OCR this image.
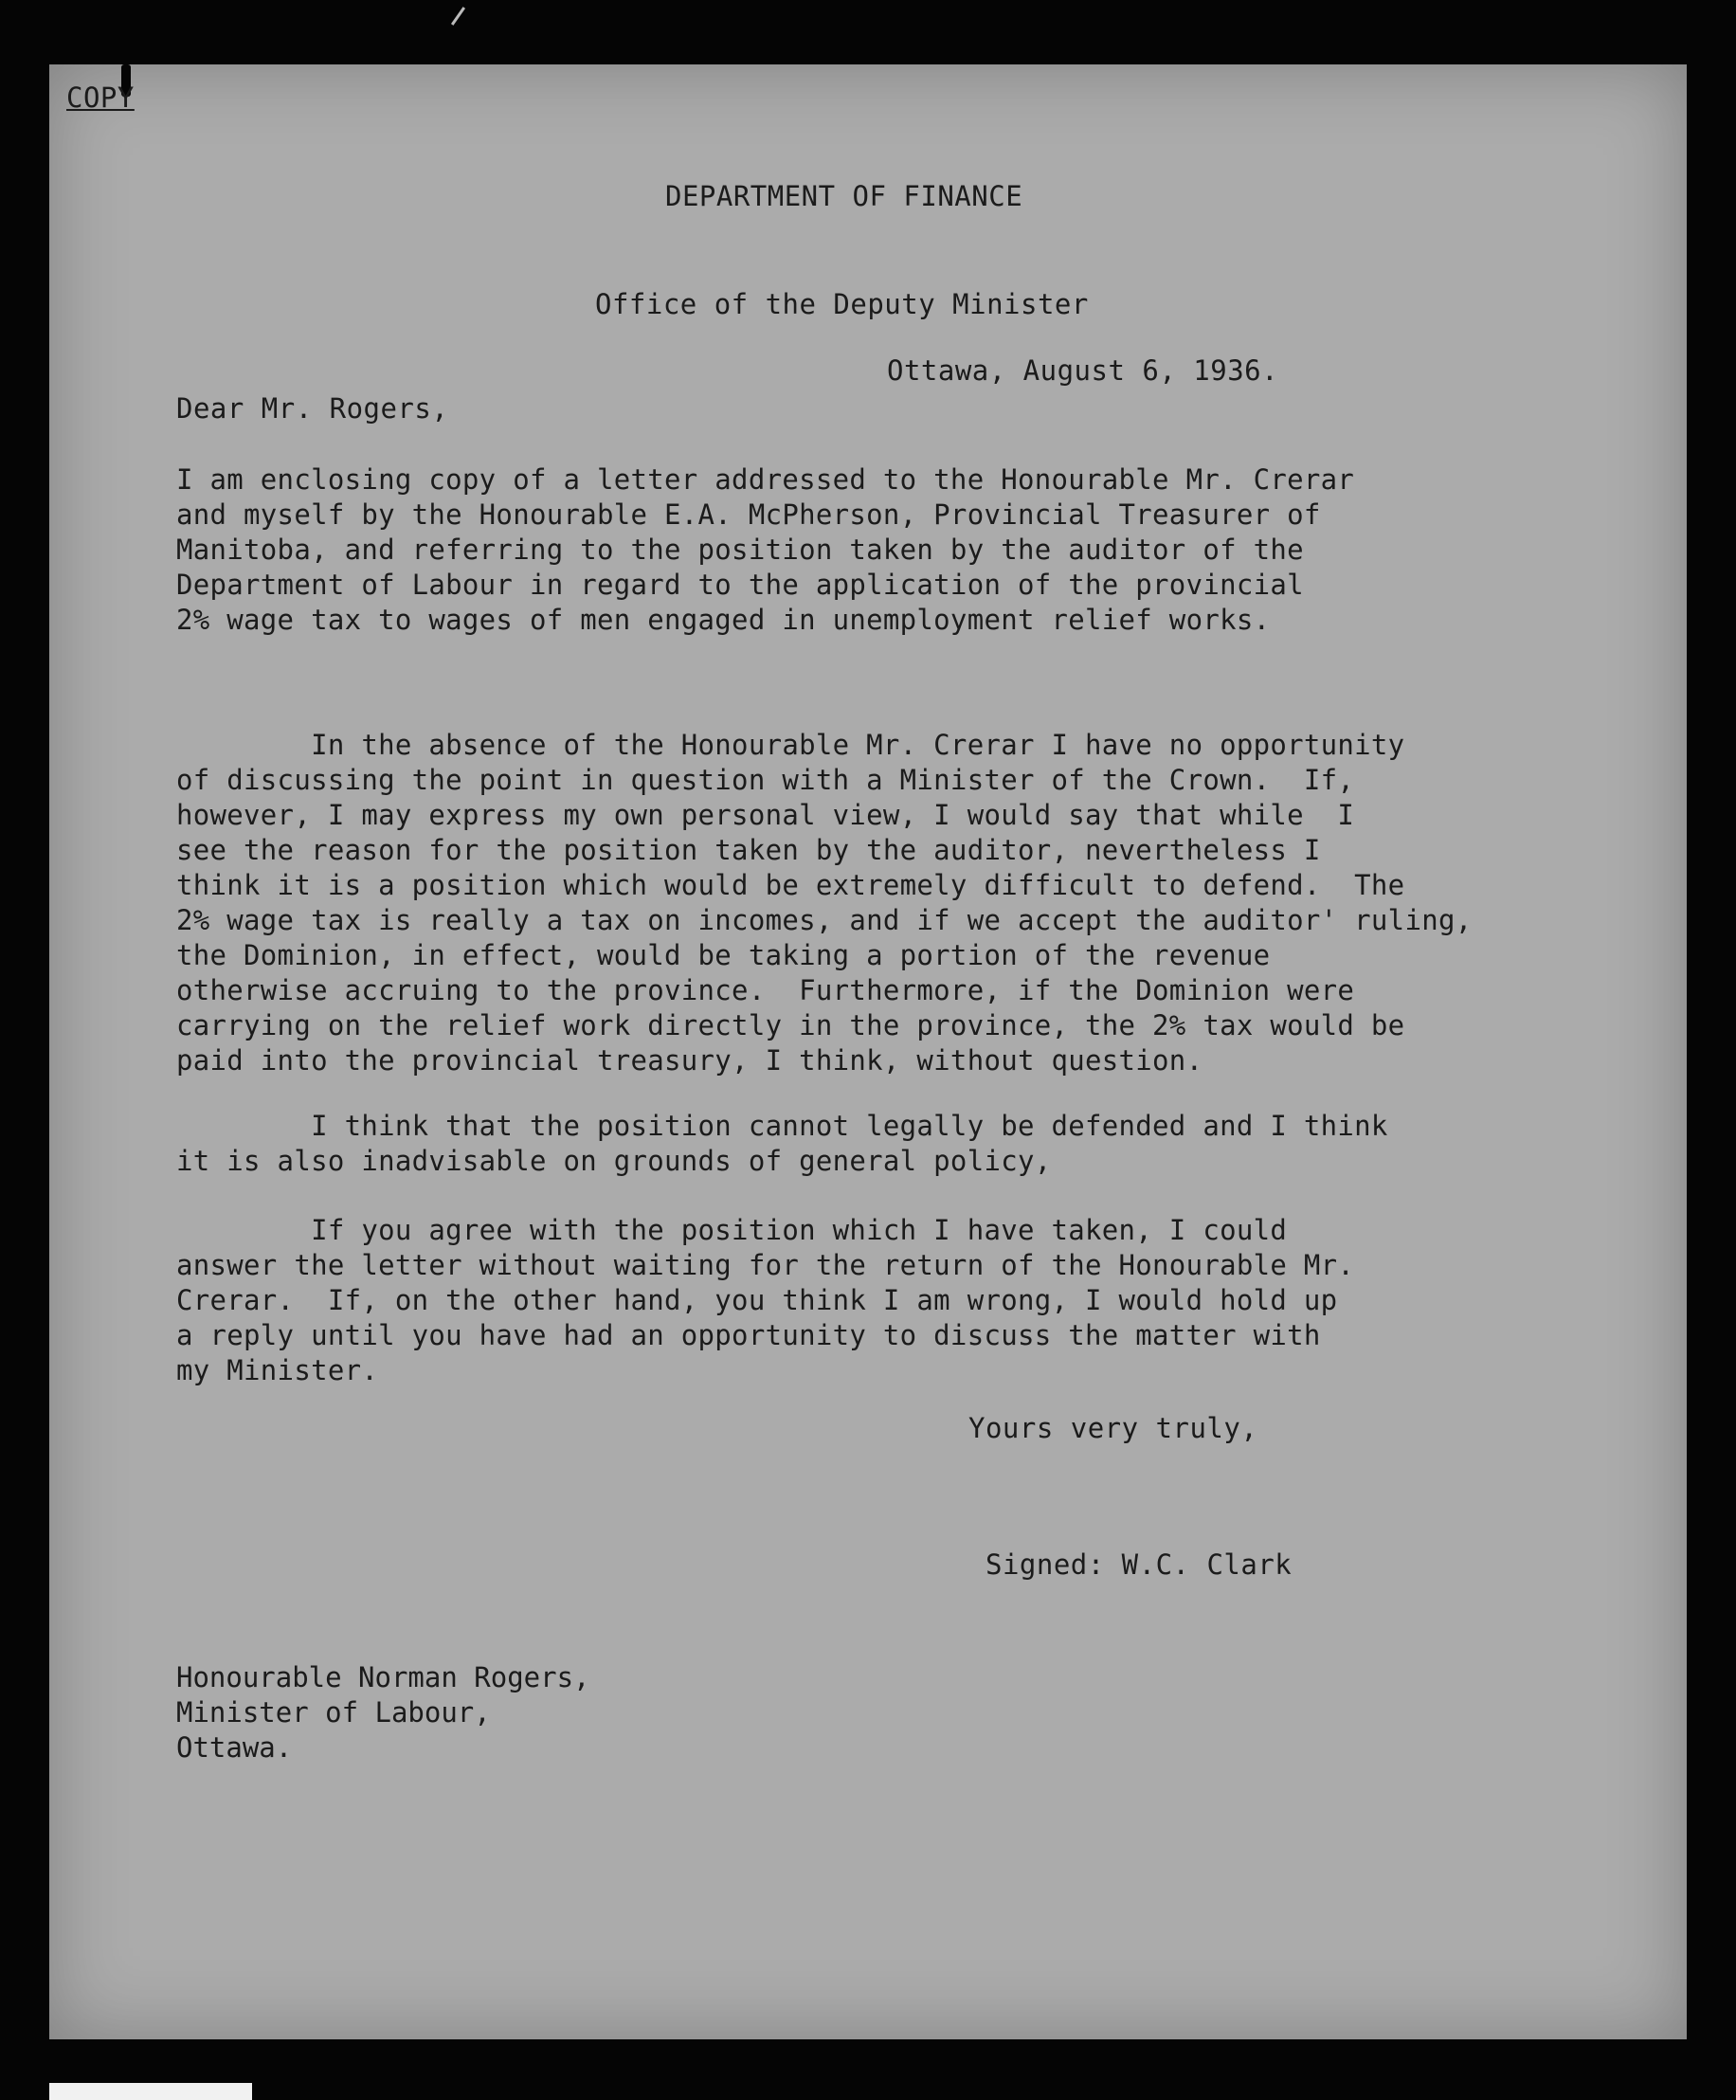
COPY
DEPARTMENT OF FINANCE
Office of the Deputy Minister
Ottawa, August 6, 1936.
Dear Mr. Rogers,
I am enclosing copy of a letter addressed to the Honourable Mr. Crerar
and myself by the Honourable E.A. McPherson, Provincial Treasurer of
Manitoba, and referring to the position taken by the auditor of the
Department of Labour in regard to the application of the provincial
2% wage tax to wages of men engaged in unemployment relief works.
In the absence of the Honourable Mr. Crerar I have no opportunity
of discussing the point in question with a Minister of the Crown.  If,
however, I may express my own personal view, I would say that while  I
see the reason for the position taken by the auditor, nevertheless I
think it is a position which would be extremely difficult to defend.  The
2% wage tax is really a tax on incomes, and if we accept the auditor' ruling,
the Dominion, in effect, would be taking a portion of the revenue
otherwise accruing to the province.  Furthermore, if the Dominion were
carrying on the relief work directly in the province, the 2% tax would be
paid into the provincial treasury, I think, without question.
I think that the position cannot legally be defended and I think
it is also inadvisable on grounds of general policy,
If you agree with the position which I have taken, I could
answer the letter without waiting for the return of the Honourable Mr.
Crerar.  If, on the other hand, you think I am wrong, I would hold up
a reply until you have had an opportunity to discuss the matter with
my Minister.
Yours very truly,
Signed: W.C. Clark
Honourable Norman Rogers,
Minister of Labour,
Ottawa.
